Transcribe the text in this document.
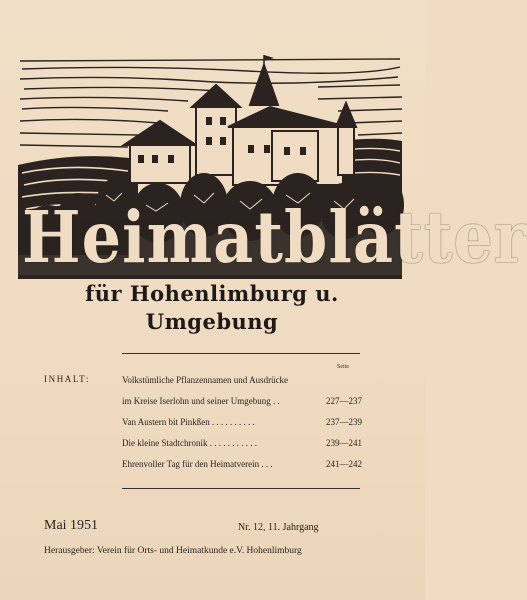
Heimatblätter
für Hohenlimburg u. Umgebung
Seite
INHALT:	Volkstümliche Pflanzennamen und Ausdrücke
im Kreise Iserlohn und seiner Umgebung . .	227—237
Van Austern bit Pinkßen . . . . . . . . . .	237—239
Die kleine Stadtchronik . . . . . . . . . . .	239—241
Ehrenvoller Tag für den Heimatverein . . .	241—242
Mai 1951	Nr. 12, 11. Jahrgang
Herausgeber: Verein für Orts- und Heimatkunde e.V. Hohenlimburg
